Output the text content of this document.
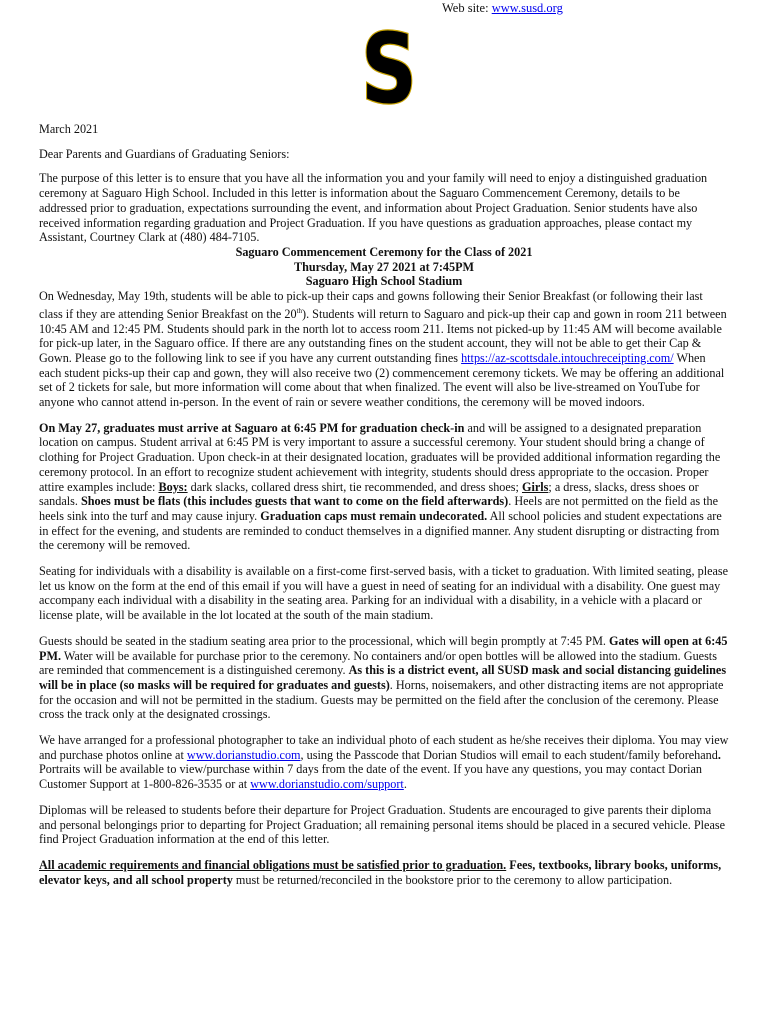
Web site: www.susd.org
S

March 2021

Dear Parents and Guardians of Graduating Seniors:

The purpose of this letter is to ensure that you have all the information you and your family will need to enjoy a distinguished graduation ceremony at Saguaro High School. Included in this letter is information about the Saguaro Commencement Ceremony, details to be addressed prior to graduation, expectations surrounding the event, and information about Project Graduation. Senior students have also received information regarding graduation and Project Graduation. If you have questions as graduation approaches, please contact my Assistant, Courtney Clark at (480) 484-7105.

Saguaro Commencement Ceremony for the Class of 2021

Thursday, May 27 2021 at 7:45PM

Saguaro High School Stadium

On Wednesday, May 19th, students will be able to pick-up their caps and gowns following their Senior Breakfast (or following their last class if they are attending Senior Breakfast on the 20th). Students will return to Saguaro and pick-up their cap and gown in room 211 between 10:45 AM and 12:45 PM. Students should park in the north lot to access room 211. Items not picked-up by 11:45 AM will become available for pick-up later, in the Saguaro office. If there are any outstanding fines on the student account, they will not be able to get their Cap & Gown. Please go to the following link to see if you have any current outstanding fines https://az-scottsdale.intouchreceipting.com/ When each student picks-up their cap and gown, they will also receive two (2) commencement ceremony tickets. We may be offering an additional set of 2 tickets for sale, but more information will come about that when finalized. The event will also be live-streamed on YouTube for anyone who cannot attend in-person. In the event of rain or severe weather conditions, the ceremony will be moved indoors.

On May 27, graduates must arrive at Saguaro at 6:45 PM for graduation check-in and will be assigned to a designated preparation location on campus. Student arrival at 6:45 PM is very important to assure a successful ceremony. Your student should bring a change of clothing for Project Graduation. Upon check-in at their designated location, graduates will be provided additional information regarding the ceremony protocol. In an effort to recognize student achievement with integrity, students should dress appropriate to the occasion. Proper attire examples include: Boys: dark slacks, collared dress shirt, tie recommended, and dress shoes; Girls; a dress, slacks, dress shoes or sandals. Shoes must be flats (this includes guests that want to come on the field afterwards). Heels are not permitted on the field as the heels sink into the turf and may cause injury. Graduation caps must remain undecorated. All school policies and student expectations are in effect for the evening, and students are reminded to conduct themselves in a dignified manner. Any student disrupting or distracting from the ceremony will be removed.

Seating for individuals with a disability is available on a first-come first-served basis, with a ticket to graduation. With limited seating, please let us know on the form at the end of this email if you will have a guest in need of seating for an individual with a disability. One guest may accompany each individual with a disability in the seating area. Parking for an individual with a disability, in a vehicle with a placard or license plate, will be available in the lot located at the south of the main stadium.

Guests should be seated in the stadium seating area prior to the processional, which will begin promptly at 7:45 PM. Gates will open at 6:45 PM. Water will be available for purchase prior to the ceremony. No containers and/or open bottles will be allowed into the stadium. Guests are reminded that commencement is a distinguished ceremony. As this is a district event, all SUSD mask and social distancing guidelines will be in place (so masks will be required for graduates and guests). Horns, noisemakers, and other distracting items are not appropriate for the occasion and will not be permitted in the stadium. Guests may be permitted on the field after the conclusion of the ceremony. Please cross the track only at the designated crossings.

We have arranged for a professional photographer to take an individual photo of each student as he/she receives their diploma. You may view and purchase photos online at www.dorianstudio.com, using the Passcode that Dorian Studios will email to each student/family beforehand. Portraits will be available to view/purchase within 7 days from the date of the event. If you have any questions, you may contact Dorian Customer Support at 1-800-826-3535 or at www.dorianstudio.com/support.

Diplomas will be released to students before their departure for Project Graduation. Students are encouraged to give parents their diploma and personal belongings prior to departing for Project Graduation; all remaining personal items should be placed in a secured vehicle. Please find Project Graduation information at the end of this letter.

All academic requirements and financial obligations must be satisfied prior to graduation. Fees, textbooks, library books, uniforms, elevator keys, and all school property must be returned/reconciled in the bookstore prior to the ceremony to allow participation.
